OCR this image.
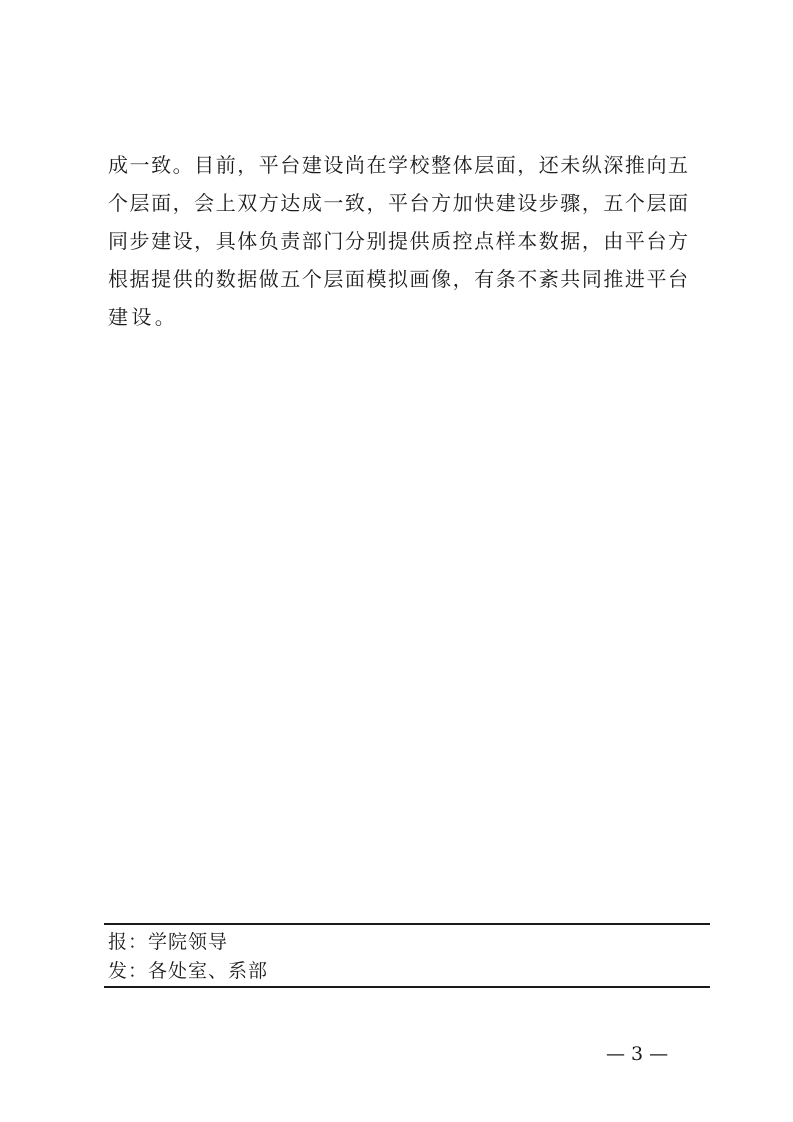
成一致。目前，平台建设尚在学校整体层面，还未纵深推向五
个层面，会上双方达成一致，平台方加快建设步骤，五个层面
同步建设，具体负责部门分别提供质控点样本数据，由平台方
根据提供的数据做五个层面模拟画像，有条不紊共同推进平台
建设。
报：学院领导
发：各处室、系部
— 3 —
